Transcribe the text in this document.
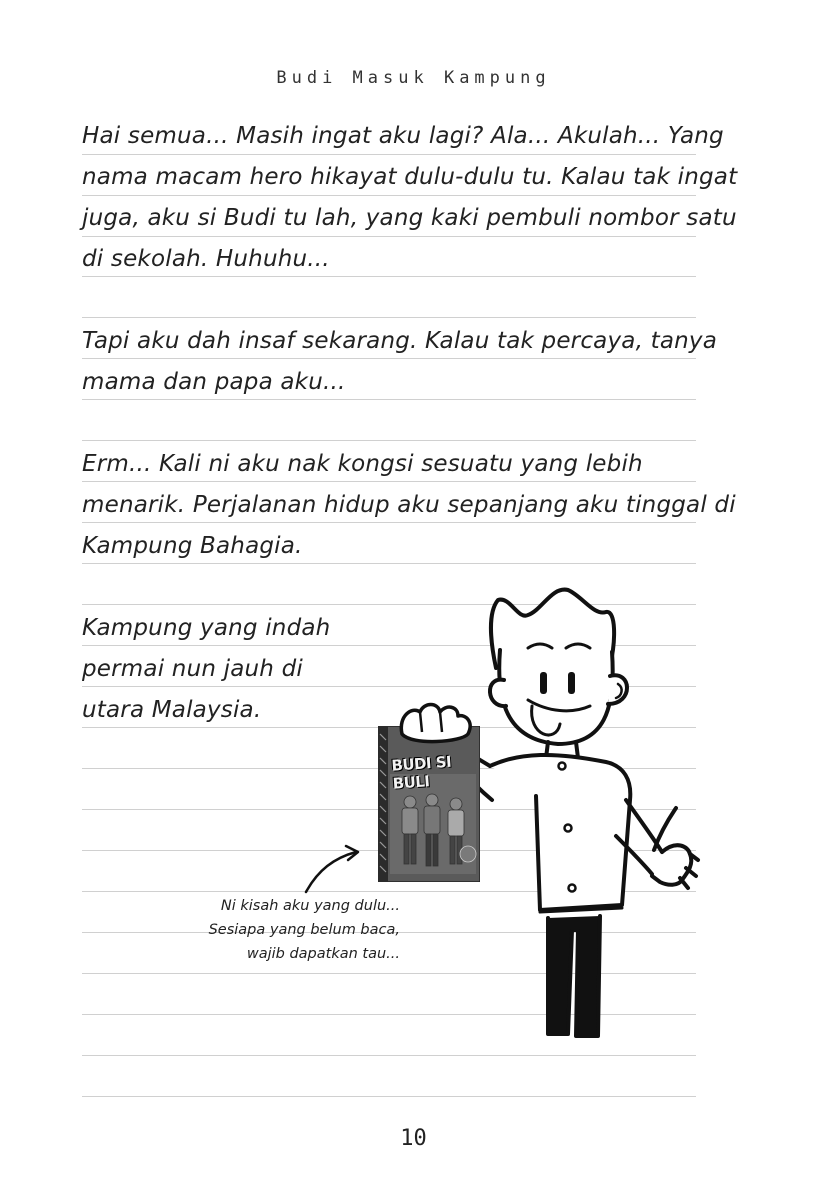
Budi Masuk Kampung
Hai semua... Masih ingat aku lagi? Ala... Akulah... Yang
nama macam hero hikayat dulu-dulu tu. Kalau tak ingat
juga, aku si Budi tu lah, yang kaki pembuli nombor satu
di sekolah. Huhuhu...
Tapi aku dah insaf sekarang. Kalau tak percaya, tanya
mama dan papa aku...
Erm... Kali ni aku nak kongsi sesuatu yang lebih
menarik. Perjalanan hidup aku sepanjang aku tinggal di
Kampung Bahagia.
Kampung yang indah
permai nun jauh di
utara Malaysia.
BUDI SI BULI
Ni kisah aku yang dulu...
Sesiapa yang belum baca,
wajib dapatkan tau...
10
